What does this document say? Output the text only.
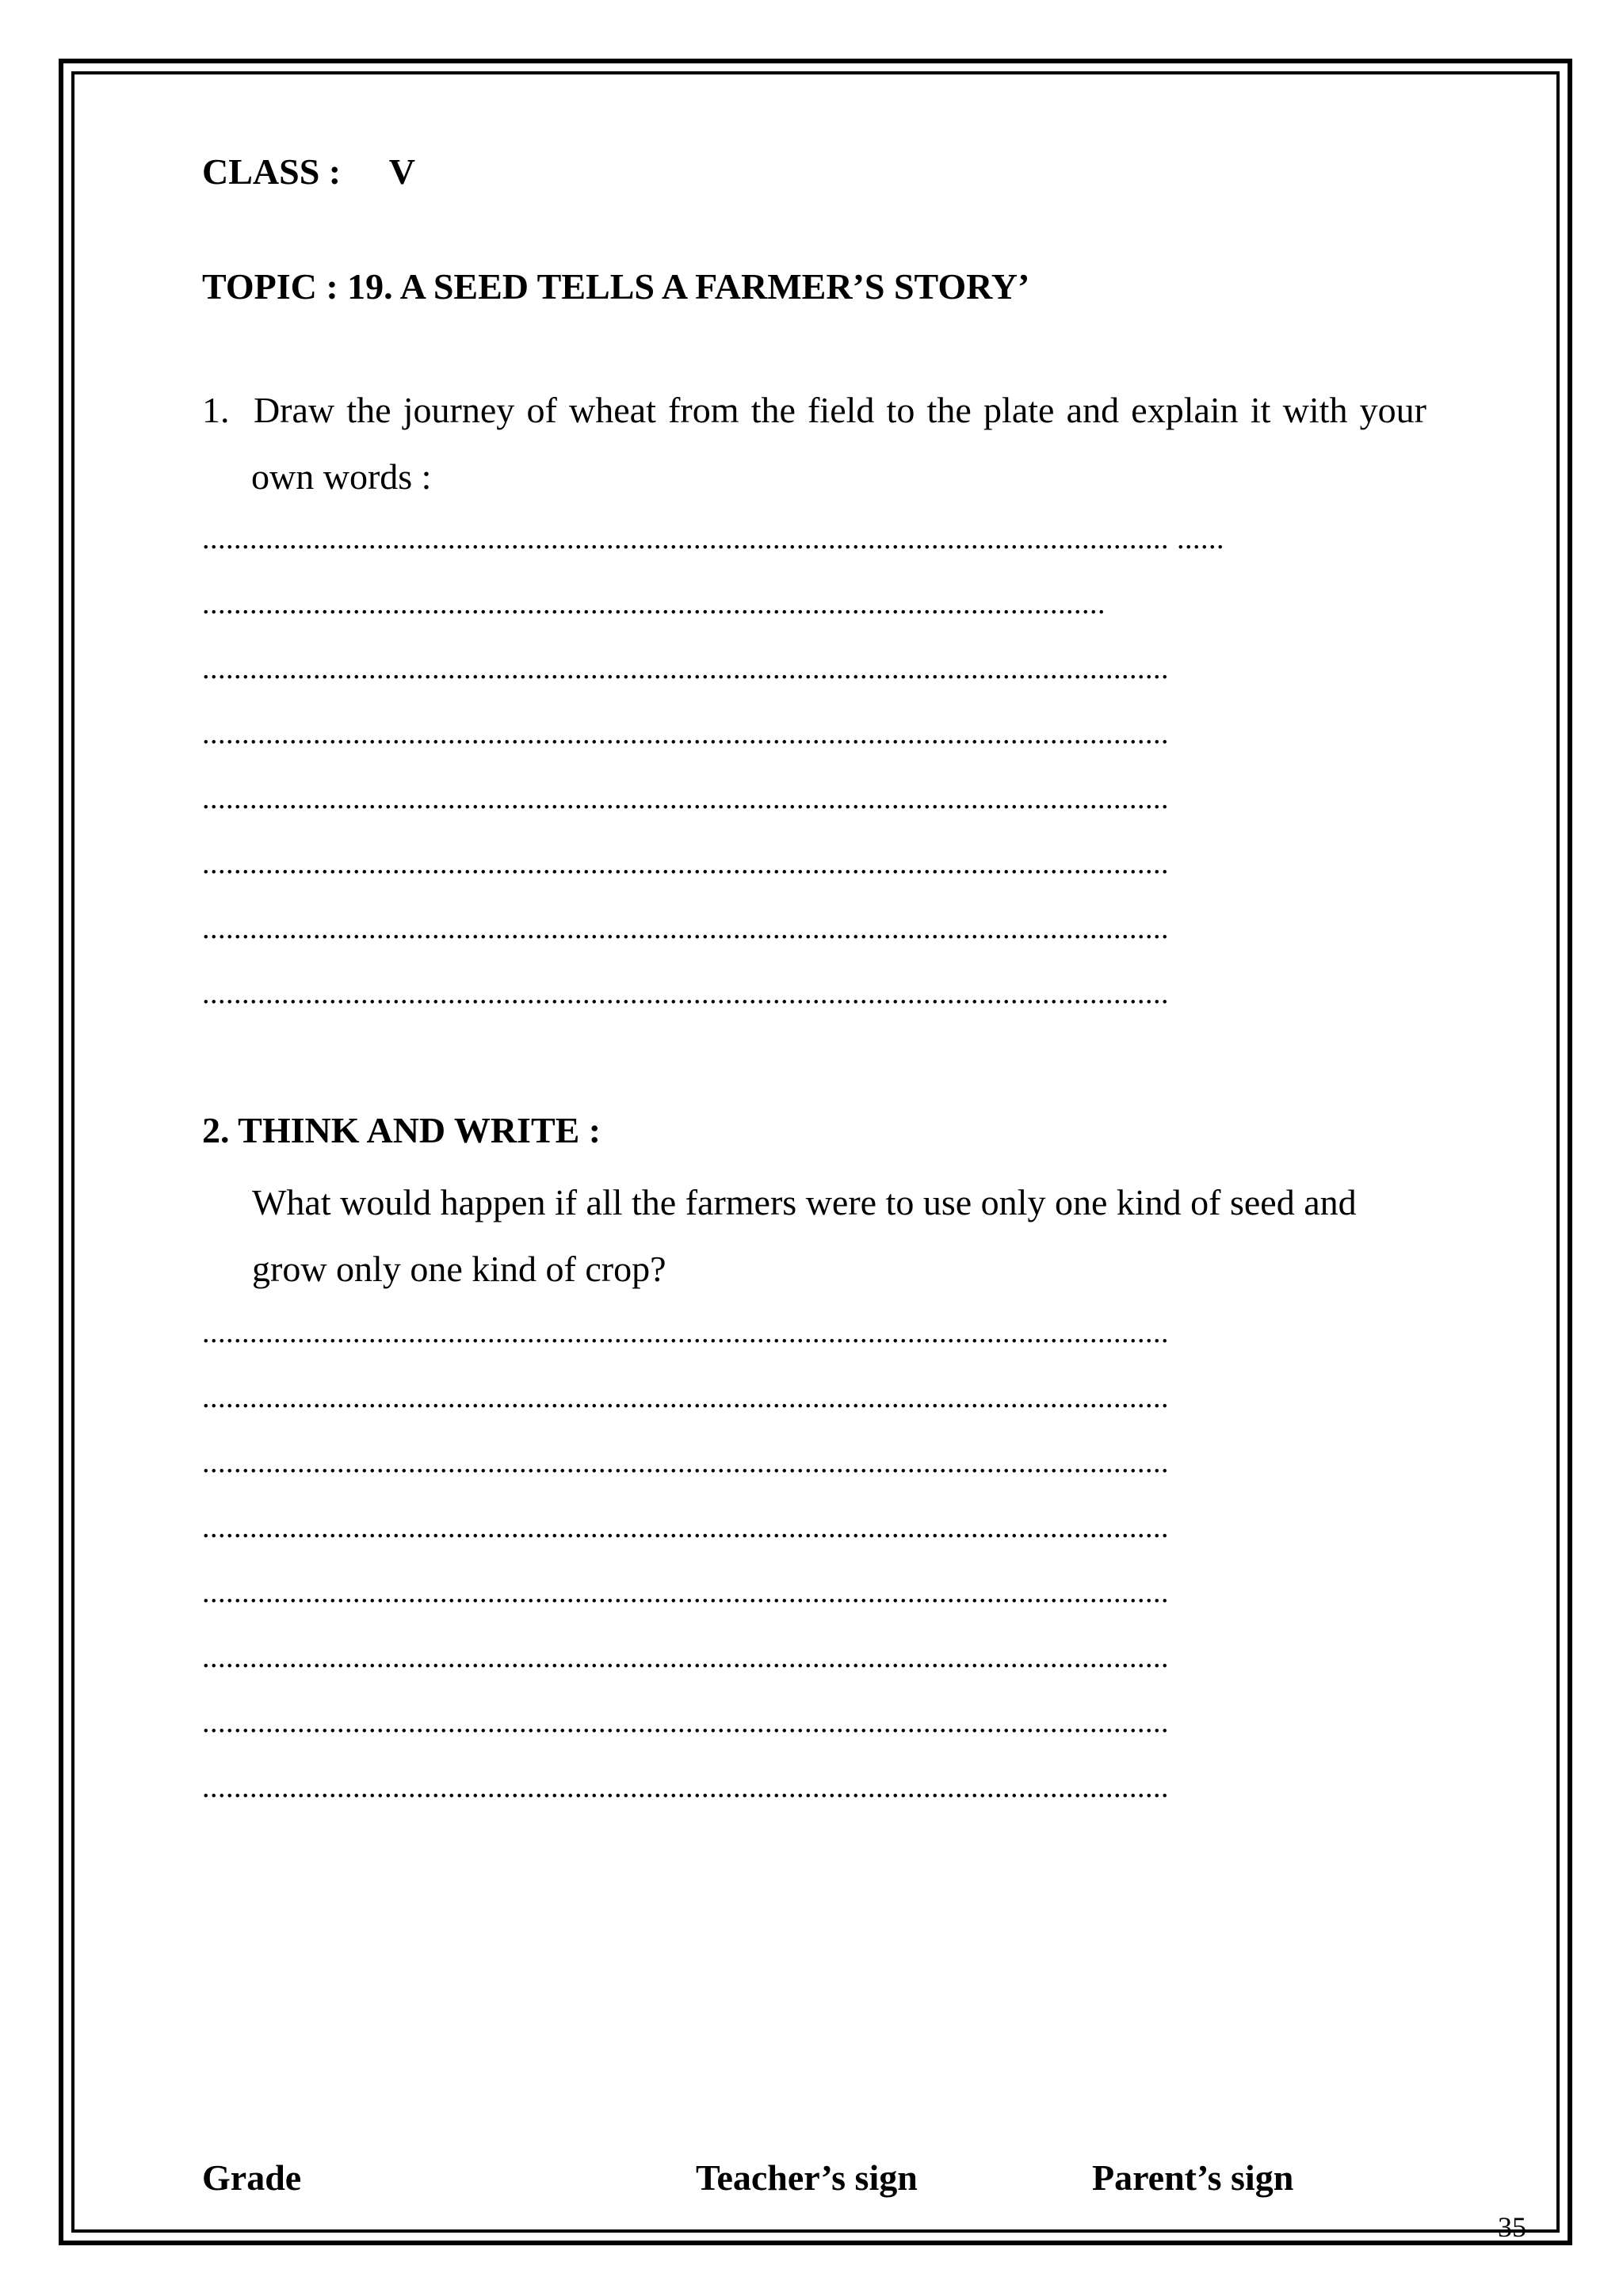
CLASS : V
TOPIC : 19. A SEED TELLS A FARMER’S STORY’
1. Draw the journey of wheat from the field to the plate and explain it with your own words :
.......................................................................................................................... ......
..................................................................................................................
..........................................................................................................................
..........................................................................................................................
..........................................................................................................................
..........................................................................................................................
..........................................................................................................................
..........................................................................................................................
2. THINK AND WRITE :
What would happen if all the farmers were to use only one kind of seed and grow only one kind of crop?
..........................................................................................................................
..........................................................................................................................
..........................................................................................................................
..........................................................................................................................
..........................................................................................................................
..........................................................................................................................
..........................................................................................................................
..........................................................................................................................
Grade	Teacher’s sign	Parent’s sign
35
